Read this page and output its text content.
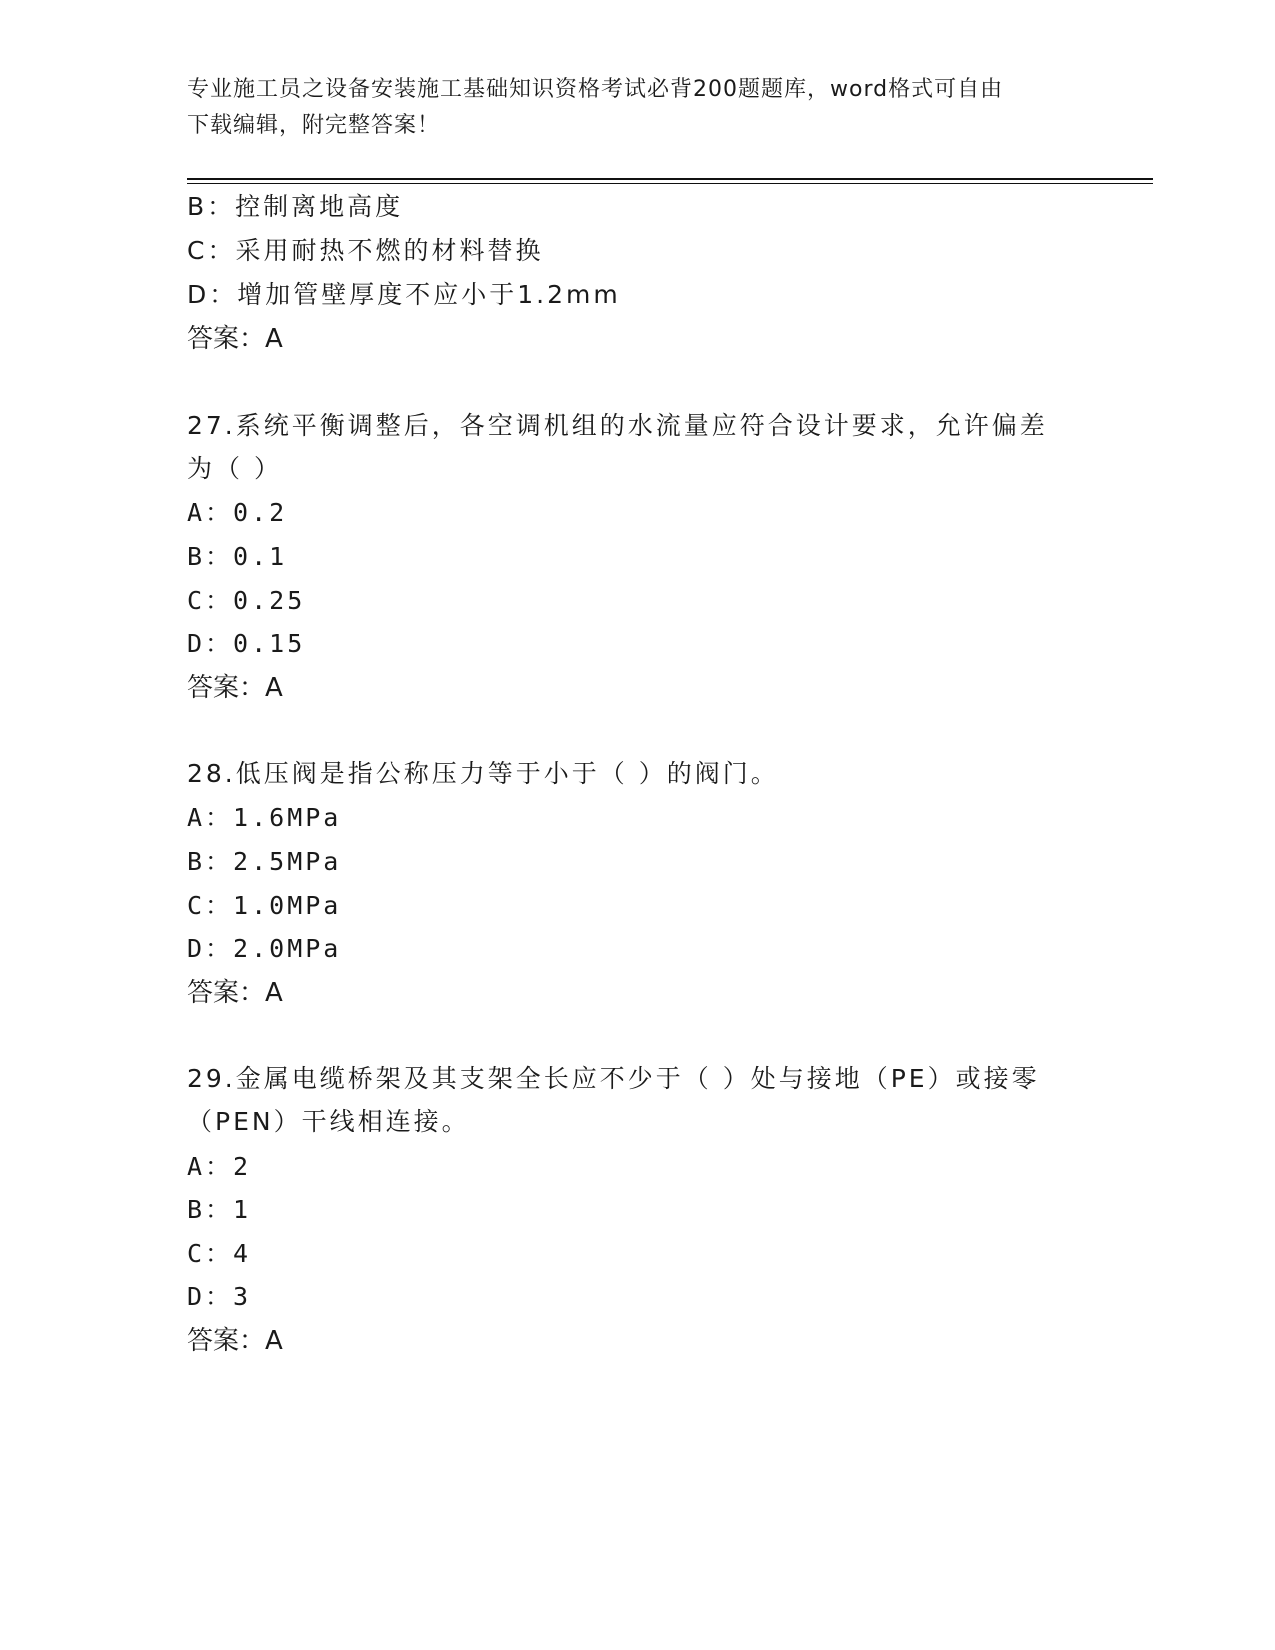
专业施工员之设备安装施工基础知识资格考试必背200题题库，word格式可自由
下载编辑，附完整答案！
B：控制离地高度
C：采用耐热不燃的材料替换
D：增加管壁厚度不应小于1.2mm
答案：A
27.系统平衡调整后，各空调机组的水流量应符合设计要求，允许偏差
为（ ）
A：0.2
B：0.1
C：0.25
D：0.15
答案：A
28.低压阀是指公称压力等于小于（ ）的阀门。
A：1.6MPa
B：2.5MPa
C：1.0MPa
D：2.0MPa
答案：A
29.金属电缆桥架及其支架全长应不少于（ ）处与接地（PE）或接零
（PEN）干线相连接。
A：2
B：1
C：4
D：3
答案：A
